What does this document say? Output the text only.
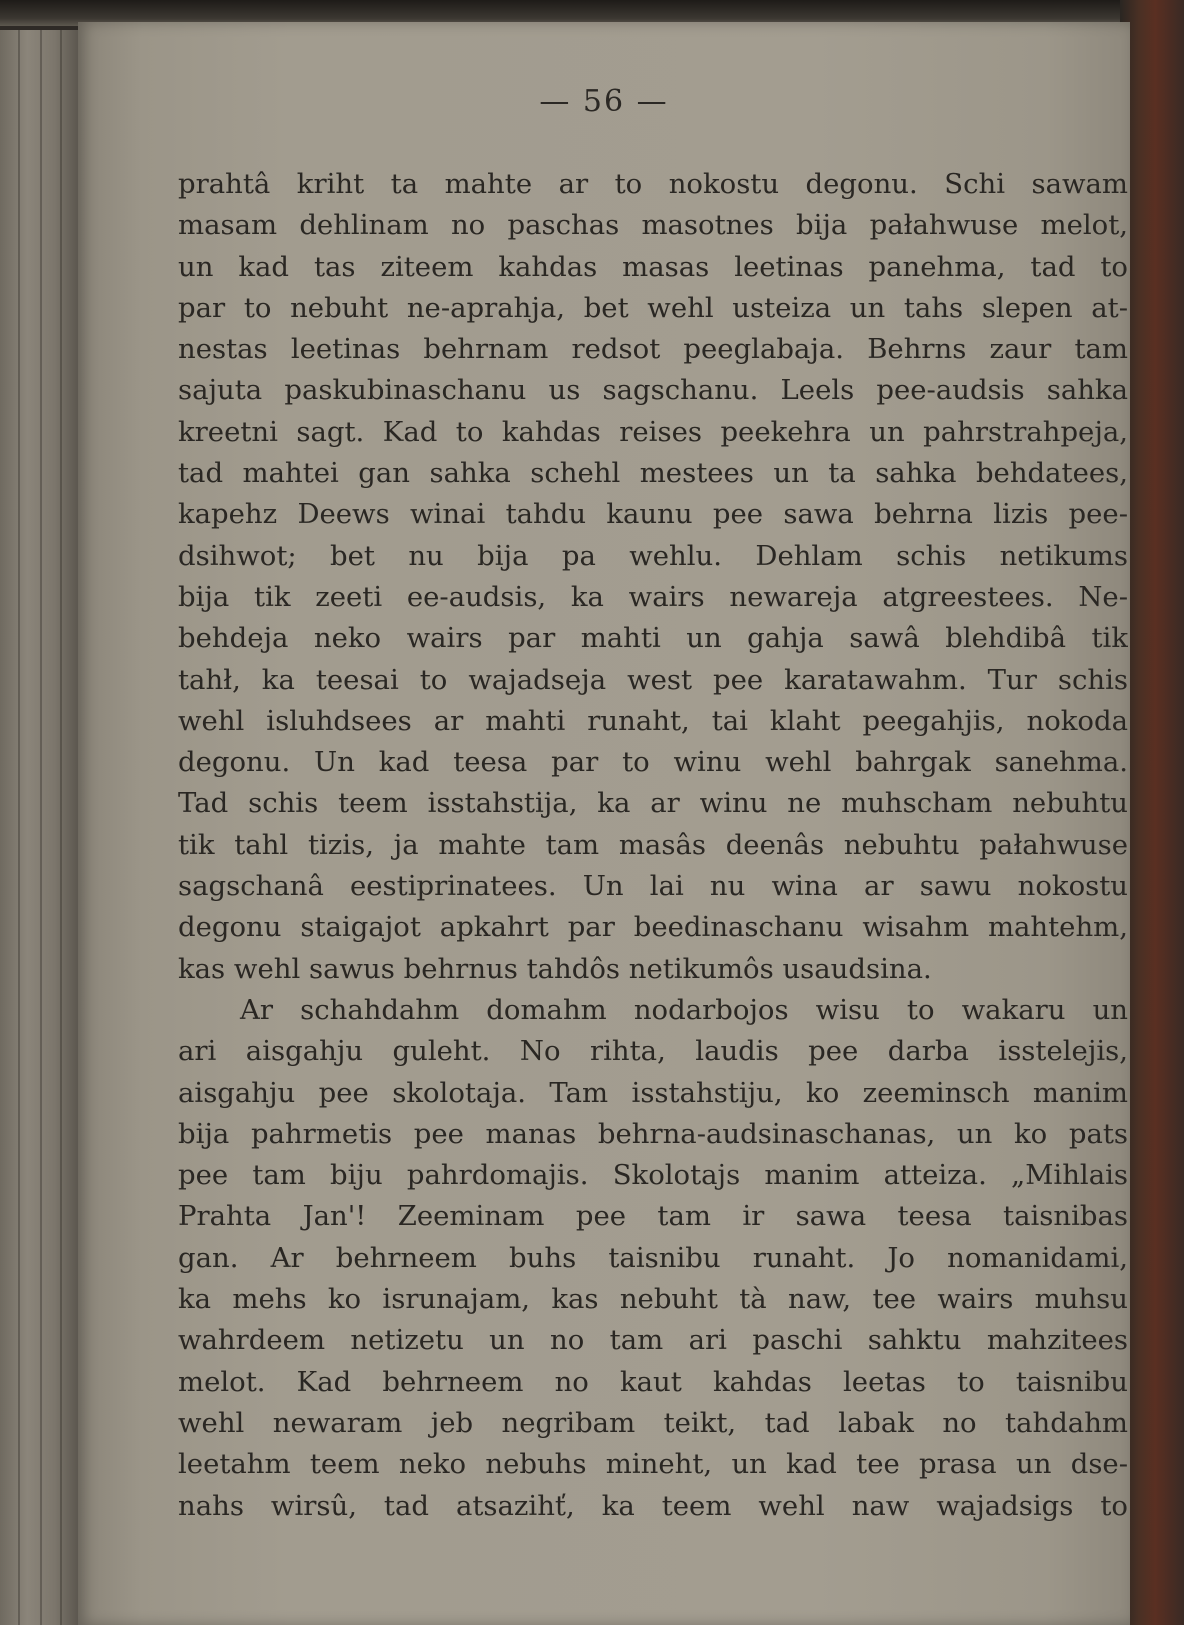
— 56 —
prahtâ kriht ta mahte ar to nokostu degonu. Schi sawam
masam dehlinam no paschas masotnes bija pałahwuse melot,
un kad tas ziteem kahdas masas leetinas panehma, tad to
par to nebuht ne-aprahja, bet wehl usteiza un tahs slepen at-
nestas leetinas behrnam redsot peeglabaja. Behrns zaur tam
sajuta paskubinaschanu us sagschanu. Leels pee-audsis sahka
kreetni sagt. Kad to kahdas reises peekehra un pahrstrahpeja,
tad mahtei gan sahka schehl mestees un ta sahka behdatees,
kapehz Deews winai tahdu kaunu pee sawa behrna lizis pee-
dsihwot; bet nu bija pa wehlu. Dehlam schis netikums
bija tik zeeti ee-audsis, ka wairs newareja atgreestees. Ne-
behdeja neko wairs par mahti un gahja sawâ blehdibâ tik
tahł, ka teesai to wajadseja west pee karatawahm. Tur schis
wehl isluhdsees ar mahti runaht, tai klaht peegahjis, nokoda
degonu. Un kad teesa par to winu wehl bahrgak sanehma.
Tad schis teem isstahstija, ka ar winu ne muhscham nebuhtu
tik tahl tizis, ja mahte tam masâs deenâs nebuhtu pałahwuse
sagschanâ eestiprinatees. Un lai nu wina ar sawu nokostu
degonu staigajot apkahrt par beedinaschanu wisahm mahtehm,
kas wehl sawus behrnus tahdôs netikumôs usaudsina.
Ar schahdahm domahm nodarbojos wisu to wakaru un
ari aisgahju guleht. No rihta, laudis pee darba isstelejis,
aisgahju pee skolotaja. Tam isstahstiju, ko zeeminsch manim
bija pahrmetis pee manas behrna-audsinaschanas, un ko pats
pee tam biju pahrdomajis. Skolotajs manim atteiza. „Mihlais
Prahta Jan'! Zeeminam pee tam ir sawa teesa taisnibas
gan. Ar behrneem buhs taisnibu runaht. Jo nomanidami,
ka mehs ko isrunajam, kas nebuht tà naw, tee wairs muhsu
wahrdeem netizetu un no tam ari paschi sahktu mahzitees
melot. Kad behrneem no kaut kahdas leetas to taisnibu
wehl newaram jeb negribam teikt, tad labak no tahdahm
leetahm teem neko nebuhs mineht, un kad tee prasa un dse-
nahs wirsû, tad atsazihť, ka teem wehl naw wajadsigs to
